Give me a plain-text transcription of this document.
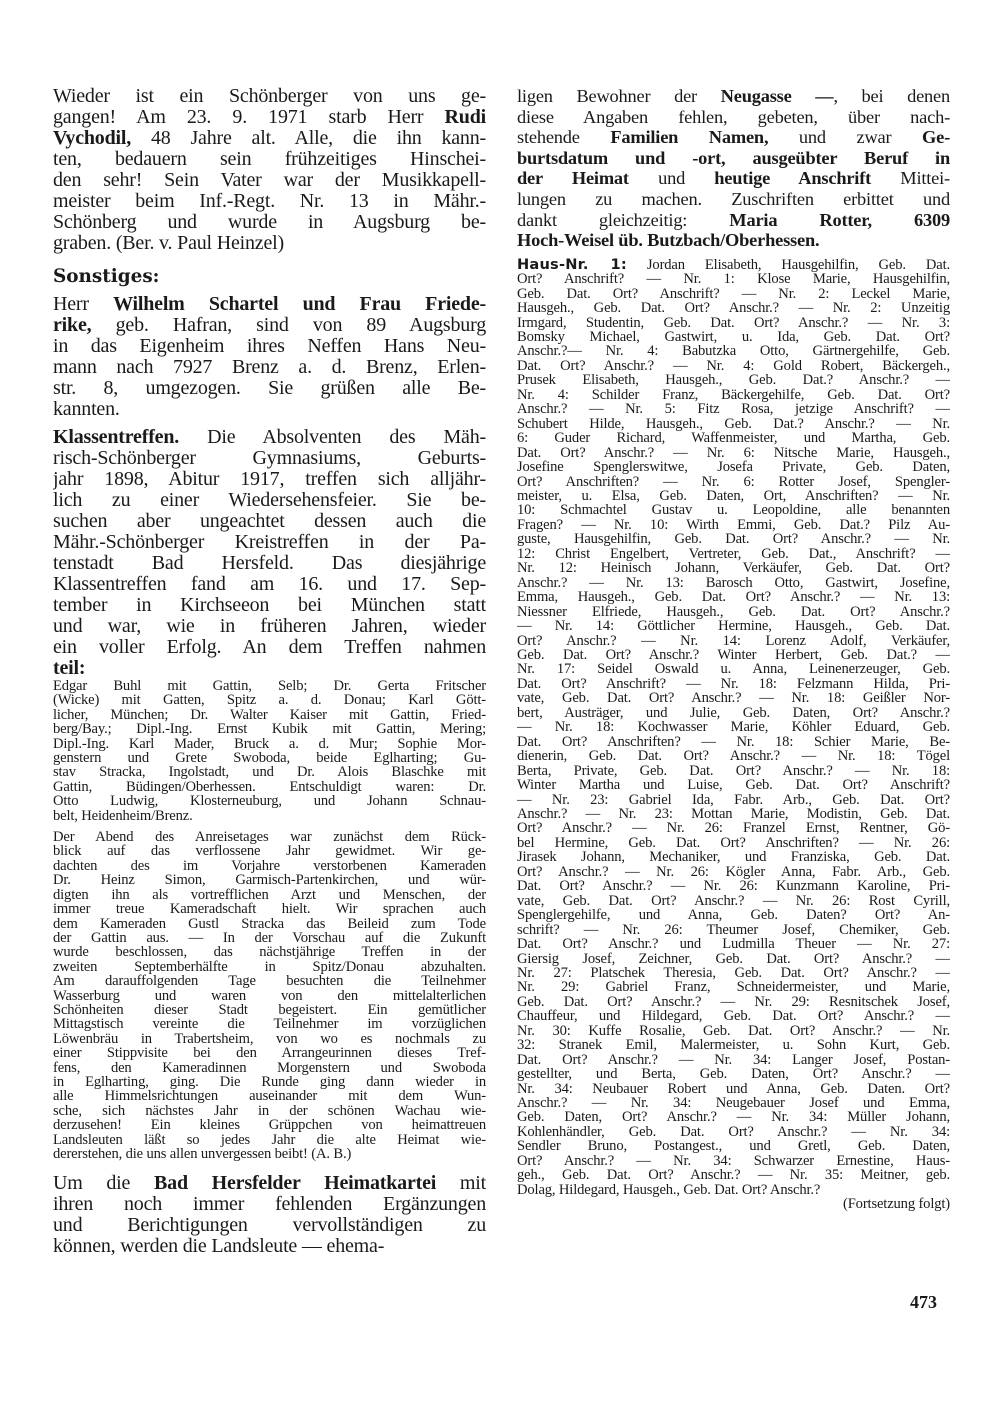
Wieder ist ein Schönberger von uns ge-
gangen! Am 23. 9. 1971 starb Herr Rudi
Vychodil, 48 Jahre alt. Alle, die ihn kann-
ten, bedauern sein frühzeitiges Hinschei-
den sehr! Sein Vater war der Musikkapell-
meister beim Inf.-Regt. Nr. 13 in Mähr.-
Schönberg und wurde in Augsburg be-
graben. (Ber. v. Paul Heinzel)
Sonstiges:
Herr Wilhelm Schartel und Frau Friede-
rike, geb. Hafran, sind von 89 Augsburg
in das Eigenheim ihres Neffen Hans Neu-
mann nach 7927 Brenz a. d. Brenz, Erlen-
str. 8, umgezogen. Sie grüßen alle Be-
kannten.
Klassentreffen. Die Absolventen des Mäh-
risch-Schönberger Gymnasiums, Geburts-
jahr 1898, Abitur 1917, treffen sich alljähr-
lich zu einer Wiedersehensfeier. Sie be-
suchen aber ungeachtet dessen auch die
Mähr.-Schönberger Kreistreffen in der Pa-
tenstadt Bad Hersfeld. Das diesjährige
Klassentreffen fand am 16. und 17. Sep-
tember in Kirchseeon bei München statt
und war, wie in früheren Jahren, wieder
ein voller Erfolg. An dem Treffen nahmen
teil:
Edgar Buhl mit Gattin, Selb; Dr. Gerta Fritscher
(Wicke) mit Gatten, Spitz a. d. Donau; Karl Gött-
licher, München; Dr. Walter Kaiser mit Gattin, Fried-
berg/Bay.; Dipl.-Ing. Ernst Kubik mit Gattin, Mering;
Dipl.-Ing. Karl Mader, Bruck a. d. Mur; Sophie Mor-
genstern und Grete Swoboda, beide Eglharting; Gu-
stav Stracka, Ingolstadt, und Dr. Alois Blaschke mit
Gattin, Büdingen/Oberhessen. Entschuldigt waren: Dr.
Otto Ludwig, Klosterneuburg, und Johann Schnau-
belt, Heidenheim/Brenz.
Der Abend des Anreisetages war zunächst dem Rück-
blick auf das verflossene Jahr gewidmet. Wir ge-
dachten des im Vorjahre verstorbenen Kameraden
Dr. Heinz Simon, Garmisch-Partenkirchen, und wür-
digten ihn als vortrefflichen Arzt und Menschen, der
immer treue Kameradschaft hielt. Wir sprachen auch
dem Kameraden Gustl Stracka das Beileid zum Tode
der Gattin aus. — In der Vorschau auf die Zukunft
wurde beschlossen, das nächstjährige Treffen in der
zweiten Septemberhälfte in Spitz/Donau abzuhalten.
Am darauffolgenden Tage besuchten die Teilnehmer
Wasserburg und waren von den mittelalterlichen
Schönheiten dieser Stadt begeistert. Ein gemütlicher
Mittagstisch vereinte die Teilnehmer im vorzüglichen
Löwenbräu in Trabertsheim, von wo es nochmals zu
einer Stippvisite bei den Arrangeurinnen dieses Tref-
fens, den Kameradinnen Morgenstern und Swoboda
in Eglharting, ging. Die Runde ging dann wieder in
alle Himmelsrichtungen auseinander mit dem Wun-
sche, sich nächstes Jahr in der schönen Wachau wie-
derzusehen! Ein kleines Grüppchen von heimattreuen
Landsleuten läßt so jedes Jahr die alte Heimat wie-
dererstehen, die uns allen unvergessen beibt! (A. B.)
Um die Bad Hersfelder Heimatkartei mit
ihren noch immer fehlenden Ergänzungen
und Berichtigungen vervollständigen zu
können, werden die Landsleute — ehema-
ligen Bewohner der Neugasse —, bei denen
diese Angaben fehlen, gebeten, über nach-
stehende Familien Namen, und zwar Ge-
burtsdatum und -ort, ausgeübter Beruf in
der Heimat und heutige Anschrift Mittei-
lungen zu machen. Zuschriften erbittet und
dankt gleichzeitig: Maria Rotter, 6309
Hoch-Weisel üb. Butzbach/Oberhessen.
Haus-Nr. 1: Jordan Elisabeth, Hausgehilfin, Geb. Dat.
Ort? Anschrift? — Nr. 1: Klose Marie, Hausgehilfin,
Geb. Dat. Ort? Anschrift? — Nr. 2: Leckel Marie,
Hausgeh., Geb. Dat. Ort? Anschr.? — Nr. 2: Unzeitig
Irmgard, Studentin, Geb. Dat. Ort? Anschr.? — Nr. 3:
Bomsky Michael, Gastwirt, u. Ida, Geb. Dat. Ort?
Anschr.?— Nr. 4: Babutzka Otto, Gärtnergehilfe, Geb.
Dat. Ort? Anschr.? — Nr. 4: Gold Robert, Bäckergeh.,
Prusek Elisabeth, Hausgeh., Geb. Dat.? Anschr.? —
Nr. 4: Schilder Franz, Bäckergehilfe, Geb. Dat. Ort?
Anschr.? — Nr. 5: Fitz Rosa, jetzige Anschrift? —
Schubert Hilde, Hausgeh., Geb. Dat.? Anschr.? — Nr.
6: Guder Richard, Waffenmeister, und Martha, Geb.
Dat. Ort? Anschr.? — Nr. 6: Nitsche Marie, Hausgeh.,
Josefine Spenglerswitwe, Josefa Private, Geb. Daten,
Ort? Anschriften? — Nr. 6: Rotter Josef, Spengler-
meister, u. Elsa, Geb. Daten, Ort, Anschriften? — Nr.
10: Schmachtel Gustav u. Leopoldine, alle benannten
Fragen? — Nr. 10: Wirth Emmi, Geb. Dat.? Pilz Au-
guste, Hausgehilfin, Geb. Dat. Ort? Anschr.? — Nr.
12: Christ Engelbert, Vertreter, Geb. Dat., Anschrift? —
Nr. 12: Heinisch Johann, Verkäufer, Geb. Dat. Ort?
Anschr.? — Nr. 13: Barosch Otto, Gastwirt, Josefine,
Emma, Hausgeh., Geb. Dat. Ort? Anschr.? — Nr. 13:
Niessner Elfriede, Hausgeh., Geb. Dat. Ort? Anschr.?
— Nr. 14: Göttlicher Hermine, Hausgeh., Geb. Dat.
Ort? Anschr.? — Nr. 14: Lorenz Adolf, Verkäufer,
Geb. Dat. Ort? Anschr.? Winter Herbert, Geb. Dat.? —
Nr. 17: Seidel Oswald u. Anna, Leinenerzeuger, Geb.
Dat. Ort? Anschrift? — Nr. 18: Felzmann Hilda, Pri-
vate, Geb. Dat. Ort? Anschr.? — Nr. 18: Geißler Nor-
bert, Austräger, und Julie, Geb. Daten, Ort? Anschr.?
— Nr. 18: Kochwasser Marie, Köhler Eduard, Geb.
Dat. Ort? Anschriften? — Nr. 18: Schier Marie, Be-
dienerin, Geb. Dat. Ort? Anschr.? — Nr. 18: Tögel
Berta, Private, Geb. Dat. Ort? Anschr.? — Nr. 18:
Winter Martha und Luise, Geb. Dat. Ort? Anschrift?
— Nr. 23: Gabriel Ida, Fabr. Arb., Geb. Dat. Ort?
Anschr.? — Nr. 23: Mottan Marie, Modistin, Geb. Dat.
Ort? Anschr.? — Nr. 26: Franzel Ernst, Rentner, Gö-
bel Hermine, Geb. Dat. Ort? Anschriften? — Nr. 26:
Jirasek Johann, Mechaniker, und Franziska, Geb. Dat.
Ort? Anschr.? — Nr. 26: Kögler Anna, Fabr. Arb., Geb.
Dat. Ort? Anschr.? — Nr. 26: Kunzmann Karoline, Pri-
vate, Geb. Dat. Ort? Anschr.? — Nr. 26: Rost Cyrill,
Spenglergehilfe, und Anna, Geb. Daten? Ort? An-
schrift? — Nr. 26: Theumer Josef, Chemiker, Geb.
Dat. Ort? Anschr.? und Ludmilla Theuer — Nr. 27:
Giersig Josef, Zeichner, Geb. Dat. Ort? Anschr.? —
Nr. 27: Platschek Theresia, Geb. Dat. Ort? Anschr.? —
Nr. 29: Gabriel Franz, Schneidermeister, und Marie,
Geb. Dat. Ort? Anschr.? — Nr. 29: Resnitschek Josef,
Chauffeur, und Hildegard, Geb. Dat. Ort? Anschr.? —
Nr. 30: Kuffe Rosalie, Geb. Dat. Ort? Anschr.? — Nr.
32: Stranek Emil, Malermeister, u. Sohn Kurt, Geb.
Dat. Ort? Anschr.? — Nr. 34: Langer Josef, Postan-
gestellter, und Berta, Geb. Daten, Ort? Anschr.? —
Nr. 34: Neubauer Robert und Anna, Geb. Daten. Ort?
Anschr.? — Nr. 34: Neugebauer Josef und Emma,
Geb. Daten, Ort? Anschr.? — Nr. 34: Müller Johann,
Kohlenhändler, Geb. Dat. Ort? Anschr.? — Nr. 34:
Sendler Bruno, Postangest., und Gretl, Geb. Daten,
Ort? Anschr.? — Nr. 34: Schwarzer Ernestine, Haus-
geh., Geb. Dat. Ort? Anschr.? — Nr. 35: Meitner, geb.
Dolag, Hildegard, Hausgeh., Geb. Dat. Ort? Anschr.?
(Fortsetzung folgt)
473
